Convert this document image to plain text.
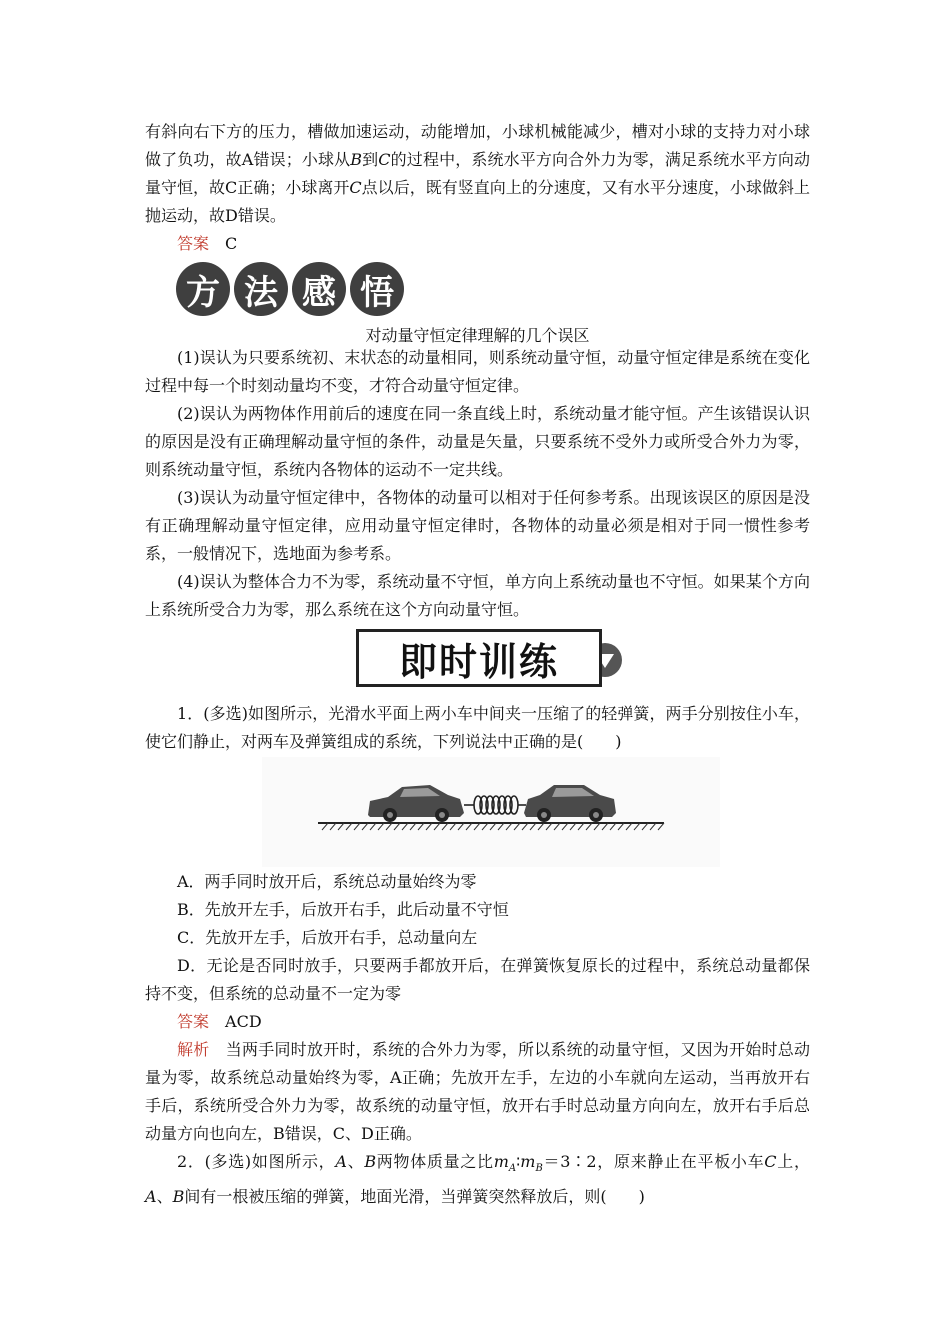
有斜向右下方的压力，槽做加速运动，动能增加，小球机械能减少，槽对小球的支持力对小球做了负功，故A错误；小球从B到C的过程中，系统水平方向合外力为零，满足系统水平方向动量守恒，故C正确；小球离开C点以后，既有竖直向上的分速度，又有水平分速度，小球做斜上抛运动，故D错误。

答案　 C

方 法 感 悟
对动量守恒定律理解的几个误区

(1)误认为只要系统初、末状态的动量相同，则系统动量守恒，动量守恒定律是系统在变化过程中每一个时刻动量均不变，才符合动量守恒定律。

(2)误认为两物体作用前后的速度在同一条直线上时，系统动量才能守恒。产生该错误认识的原因是没有正确理解动量守恒的条件，动量是矢量，只要系统不受外力或所受合外力为零，则系统动量守恒，系统内各物体的运动不一定共线。

(3)误认为动量守恒定律中，各物体的动量可以相对于任何参考系。出现该误区的原因是没有正确理解动量守恒定律，应用动量守恒定律时，各物体的动量必须是相对于同一惯性参考系，一般情况下，选地面为参考系。

(4)误认为整体合力不为零，系统动量不守恒，单方向上系统动量也不守恒。如果某个方向上系统所受合力为零，那么系统在这个方向动量守恒。

即时训练

1．(多选)如图所示，光滑水平面上两小车中间夹一压缩了的轻弹簧，两手分别按住小车，使它们静止，对两车及弹簧组成的系统，下列说法中正确的是(　　)

A．两手同时放开后，系统总动量始终为零

B．先放开左手，后放开右手，此后动量不守恒

C．先放开左手，后放开右手，总动量向左

D．无论是否同时放手，只要两手都放开后，在弹簧恢复原长的过程中，系统总动量都保持不变，但系统的总动量不一定为零

答案　 ACD

解析　 当两手同时放开时，系统的合外力为零，所以系统的动量守恒，又因为开始时总动量为零，故系统总动量始终为零，A正确；先放开左手，左边的小车就向左运动，当再放开右手后，系统所受合外力为零，故系统的动量守恒，放开右手时总动量方向向左，放开右手后总动量方向也向左，B错误，C、D正确。

2．(多选)如图所示，A、B两物体质量之比$m_A∶m_B=3∶2$，原来静止在平板小车C上，A、B间有一根被压缩的弹簧，地面光滑，当弹簧突然释放后，则(　　)
